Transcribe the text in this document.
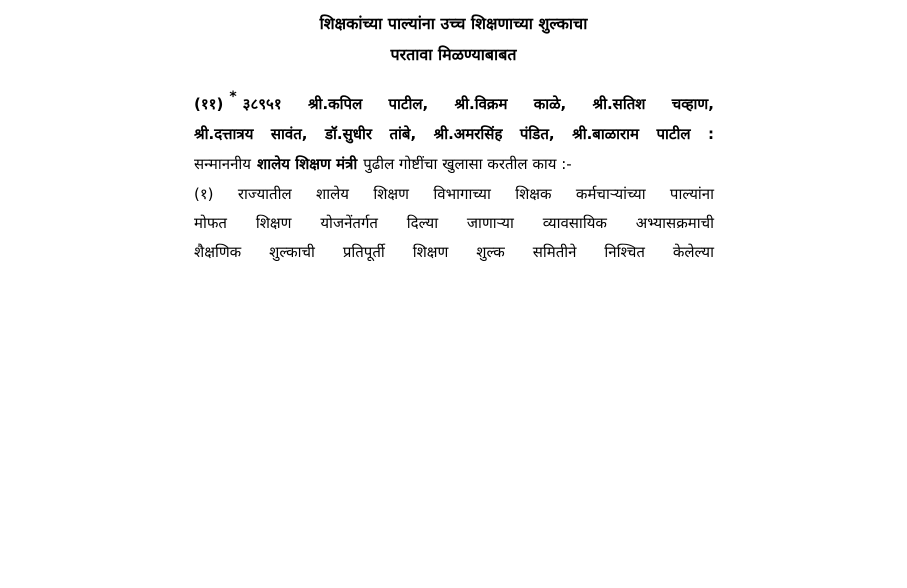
शिक्षकांच्या पाल्यांना उच्च शिक्षणाच्या शुल्काचा
परतावा मिळण्याबाबत
(११) * ३८९५१ श्री.कपिल पाटील, श्री.विक्रम काळे, श्री.सतिश चव्हाण,
श्री.दत्तात्रय सावंत, डॉ.सुधीर तांबे, श्री.अमरसिंह पंडित, श्री.बाळाराम पाटील :
सन्माननीय शालेय शिक्षण मंत्री पुढील गोष्टींचा खुलासा करतील काय :-
(१) राज्यातील शालेय शिक्षण विभागाच्या शिक्षक कर्मचाऱ्यांच्या पाल्यांना
मोफत शिक्षण योजनेंतर्गत दिल्या जाणाऱ्या व्यावसायिक अभ्यासक्रमाची
शैक्षणिक शुल्काची प्रतिपूर्ती शिक्षण शुल्क समितीने निश्चित केलेल्या
